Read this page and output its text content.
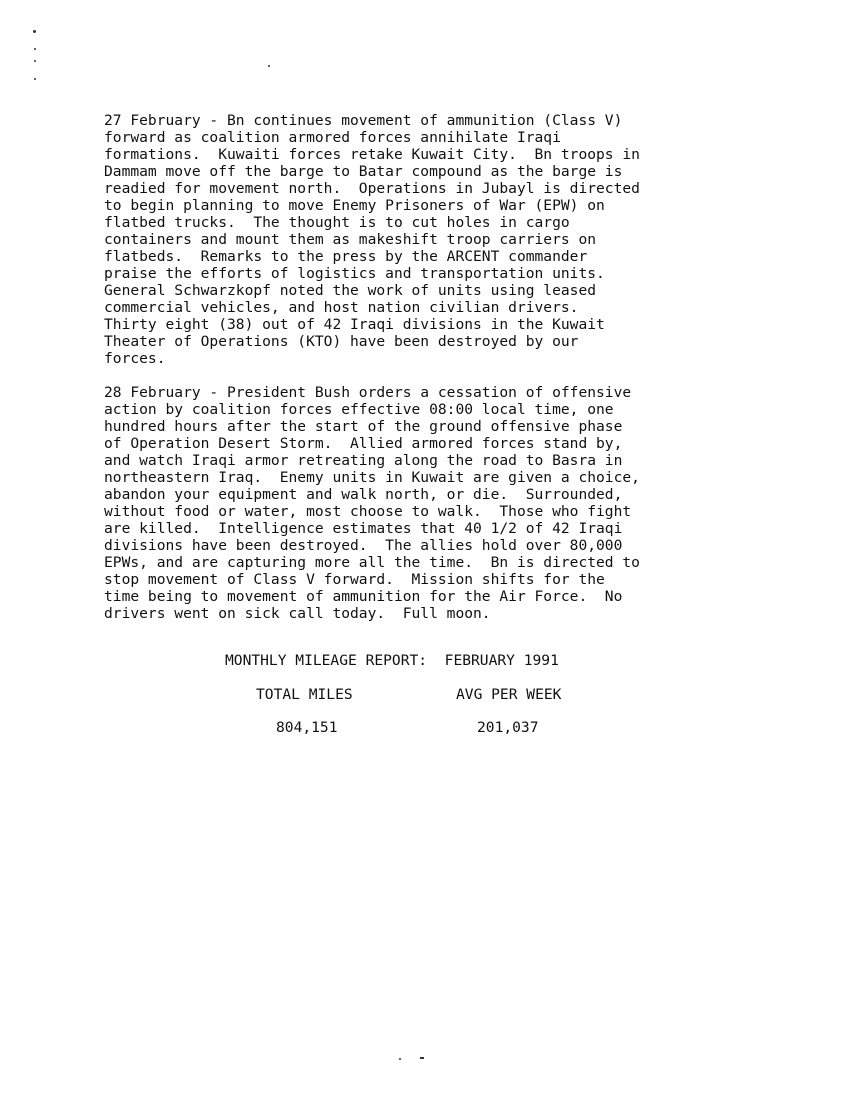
27 February - Bn continues movement of ammunition (Class V)
forward as coalition armored forces annihilate Iraqi
formations.  Kuwaiti forces retake Kuwait City.  Bn troops in
Dammam move off the barge to Batar compound as the barge is
readied for movement north.  Operations in Jubayl is directed
to begin planning to move Enemy Prisoners of War (EPW) on
flatbed trucks.  The thought is to cut holes in cargo
containers and mount them as makeshift troop carriers on
flatbeds.  Remarks to the press by the ARCENT commander
praise the efforts of logistics and transportation units.
General Schwarzkopf noted the work of units using leased
commercial vehicles, and host nation civilian drivers.
Thirty eight (38) out of 42 Iraqi divisions in the Kuwait
Theater of Operations (KTO) have been destroyed by our
forces.
28 February - President Bush orders a cessation of offensive
action by coalition forces effective 08:00 local time, one
hundred hours after the start of the ground offensive phase
of Operation Desert Storm.  Allied armored forces stand by,
and watch Iraqi armor retreating along the road to Basra in
northeastern Iraq.  Enemy units in Kuwait are given a choice,
abandon your equipment and walk north, or die.  Surrounded,
without food or water, most choose to walk.  Those who fight
are killed.  Intelligence estimates that 40 1/2 of 42 Iraqi
divisions have been destroyed.  The allies hold over 80,000
EPWs, and are capturing more all the time.  Bn is directed to
stop movement of Class V forward.  Mission shifts for the
time being to movement of ammunition for the Air Force.  No
drivers went on sick call today.  Full moon.
MONTHLY MILEAGE REPORT:  FEBRUARY 1991
TOTAL MILES	AVG PER WEEK
804,151	201,037
